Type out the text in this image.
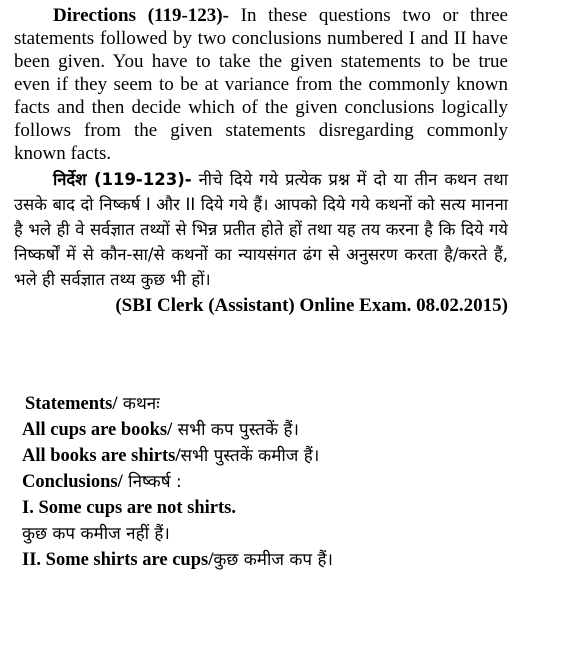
Directions (119-123)- In these questions two or three statements followed by two conclusions numbered I and II have been given. You have to take the given statements to be true even if they seem to be at variance from the commonly known facts and then decide which of the given conclusions logically follows from the given statements disregarding commonly known facts.

निर्देश (119-123)- नीचे दिये गये प्रत्येक प्रश्न में दो या तीन कथन तथा उसके बाद दो निष्कर्ष I और II दिये गये हैं। आपको दिये गये कथनों को सत्य मानना है भले ही वे सर्वज्ञात तथ्यों से भिन्न प्रतीत होते हों तथा यह तय करना है कि दिये गये निष्कर्षों में से कौन-सा/से कथनों का न्यायसंगत ढंग से अनुसरण करता है/करते हैं, भले ही सर्वज्ञात तथ्य कुछ भी हों।

(SBI Clerk (Assistant) Online Exam. 08.02.2015)

Statements/ कथनः

All cups are books/ सभी कप पुस्तकें हैं।

All books are shirts/सभी पुस्तकें कमीज हैं।

Conclusions/ निष्कर्ष :

I. Some cups are not shirts.

कुछ कप कमीज नहीं हैं।

II. Some shirts are cups/कुछ कमीज कप हैं।
